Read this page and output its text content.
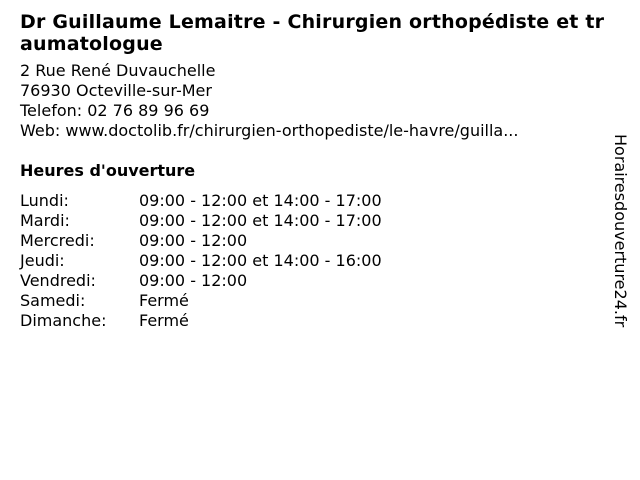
Dr Guillaume Lemaitre - Chirurgien orthopédiste et traumatologue
2 Rue René Duvauchelle
76930 Octeville-sur-Mer
Telefon: 02 76 89 96 69
Web: www.doctolib.fr/chirurgien-orthopediste/le-havre/guilla...
Heures d'ouverture
Lundi:	09:00 - 12:00 et 14:00 - 17:00
Mardi:	09:00 - 12:00 et 14:00 - 17:00
Mercredi:	09:00 - 12:00
Jeudi:	09:00 - 12:00 et 14:00 - 16:00
Vendredi:	09:00 - 12:00
Samedi:	Fermé
Dimanche:	Fermé	Horairesdouverture24.fr
